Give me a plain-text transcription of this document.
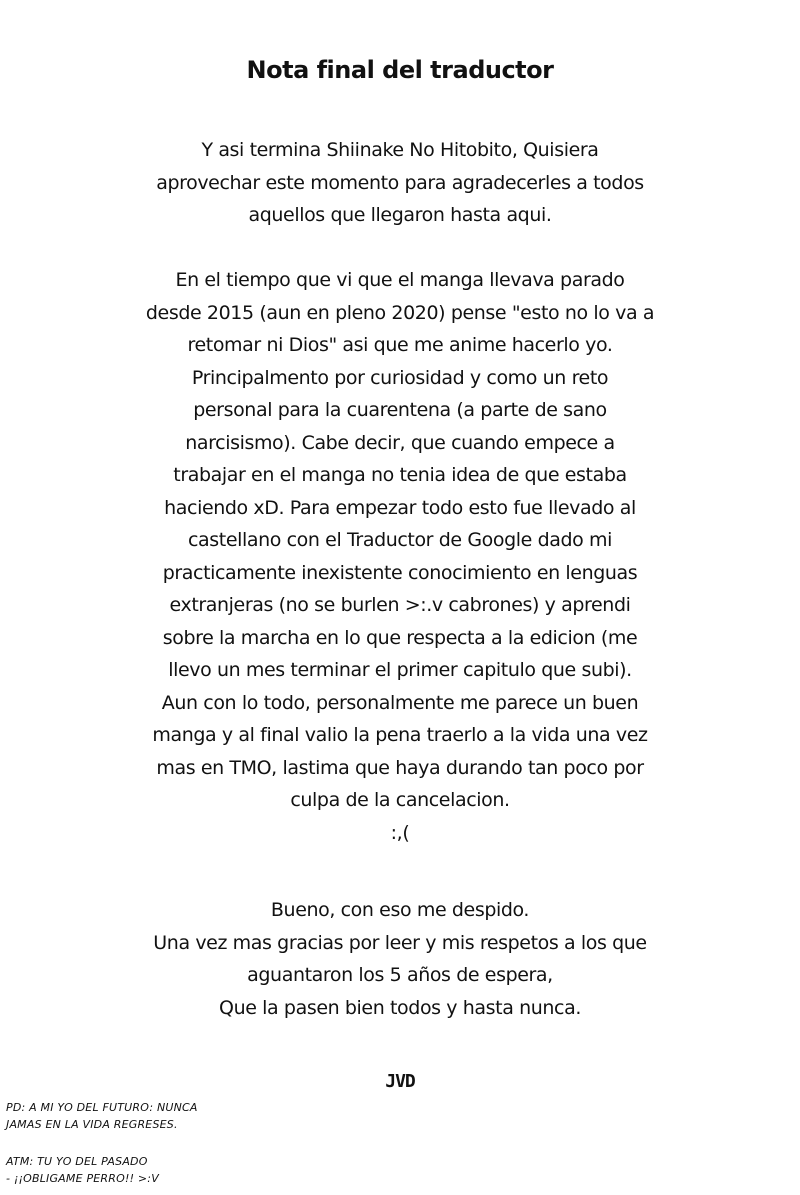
Nota final del traductor
Y asi termina Shiinake No Hitobito, Quisiera
aprovechar este momento para agradecerles a todos
aquellos que llegaron hasta aqui.
En el tiempo que vi que el manga llevava parado
desde 2015 (aun en pleno 2020) pense "esto no lo va a
retomar ni Dios" asi que me anime hacerlo yo.
Principalmento por curiosidad y como un reto
personal para la cuarentena (a parte de sano
narcisismo). Cabe decir, que cuando empece a
trabajar en el manga no tenia idea de que estaba
haciendo xD. Para empezar todo esto fue llevado al
castellano con el Traductor de Google dado mi
practicamente inexistente conocimiento en lenguas
extranjeras (no se burlen >:.v cabrones) y aprendi
sobre la marcha en lo que respecta a la edicion (me
llevo un mes terminar el primer capitulo que subi).
Aun con lo todo, personalmente me parece un buen
manga y al final valio la pena traerlo a la vida una vez
mas en TMO, lastima que haya durando tan poco por
culpa de la cancelacion.
:,(
Bueno, con eso me despido.
Una vez mas gracias por leer y mis respetos a los que
aguantaron los 5 años de espera,
Que la pasen bien todos y hasta nunca.
JVD
PD: A MI YO DEL FUTURO: NUNCA
JAMAS EN LA VIDA REGRESES.
ATM: TU YO DEL PASADO
- ¡¡OBLIGAME PERRO!! >:V
